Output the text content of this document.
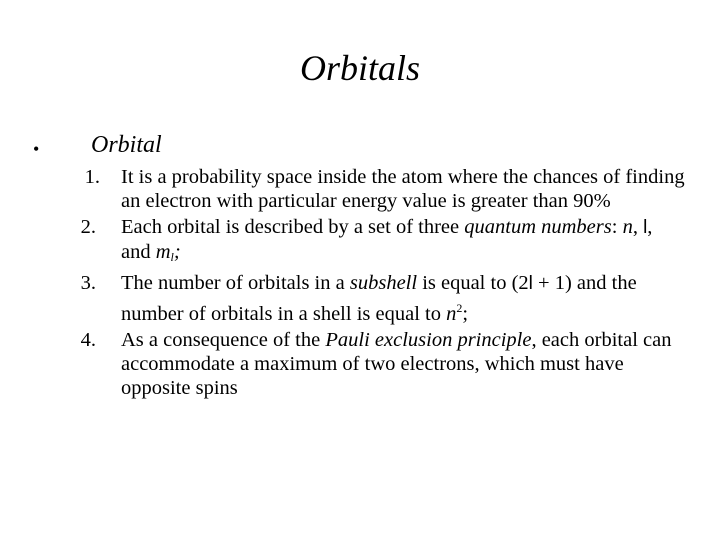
Orbitals
• Orbital
1. It is a probability space inside the atom where the chances of finding an electron with particular energy value is greater than 90%
2. Each orbital is described by a set of three quantum numbers: n, l, and $m_l$;
3. The number of orbitals in a subshell is equal to (2l + 1) and the number of orbitals in a shell is equal to $n^2$;
4. As a consequence of the Pauli exclusion principle, each orbital can accommodate a maximum of two electrons, which must have opposite spins
